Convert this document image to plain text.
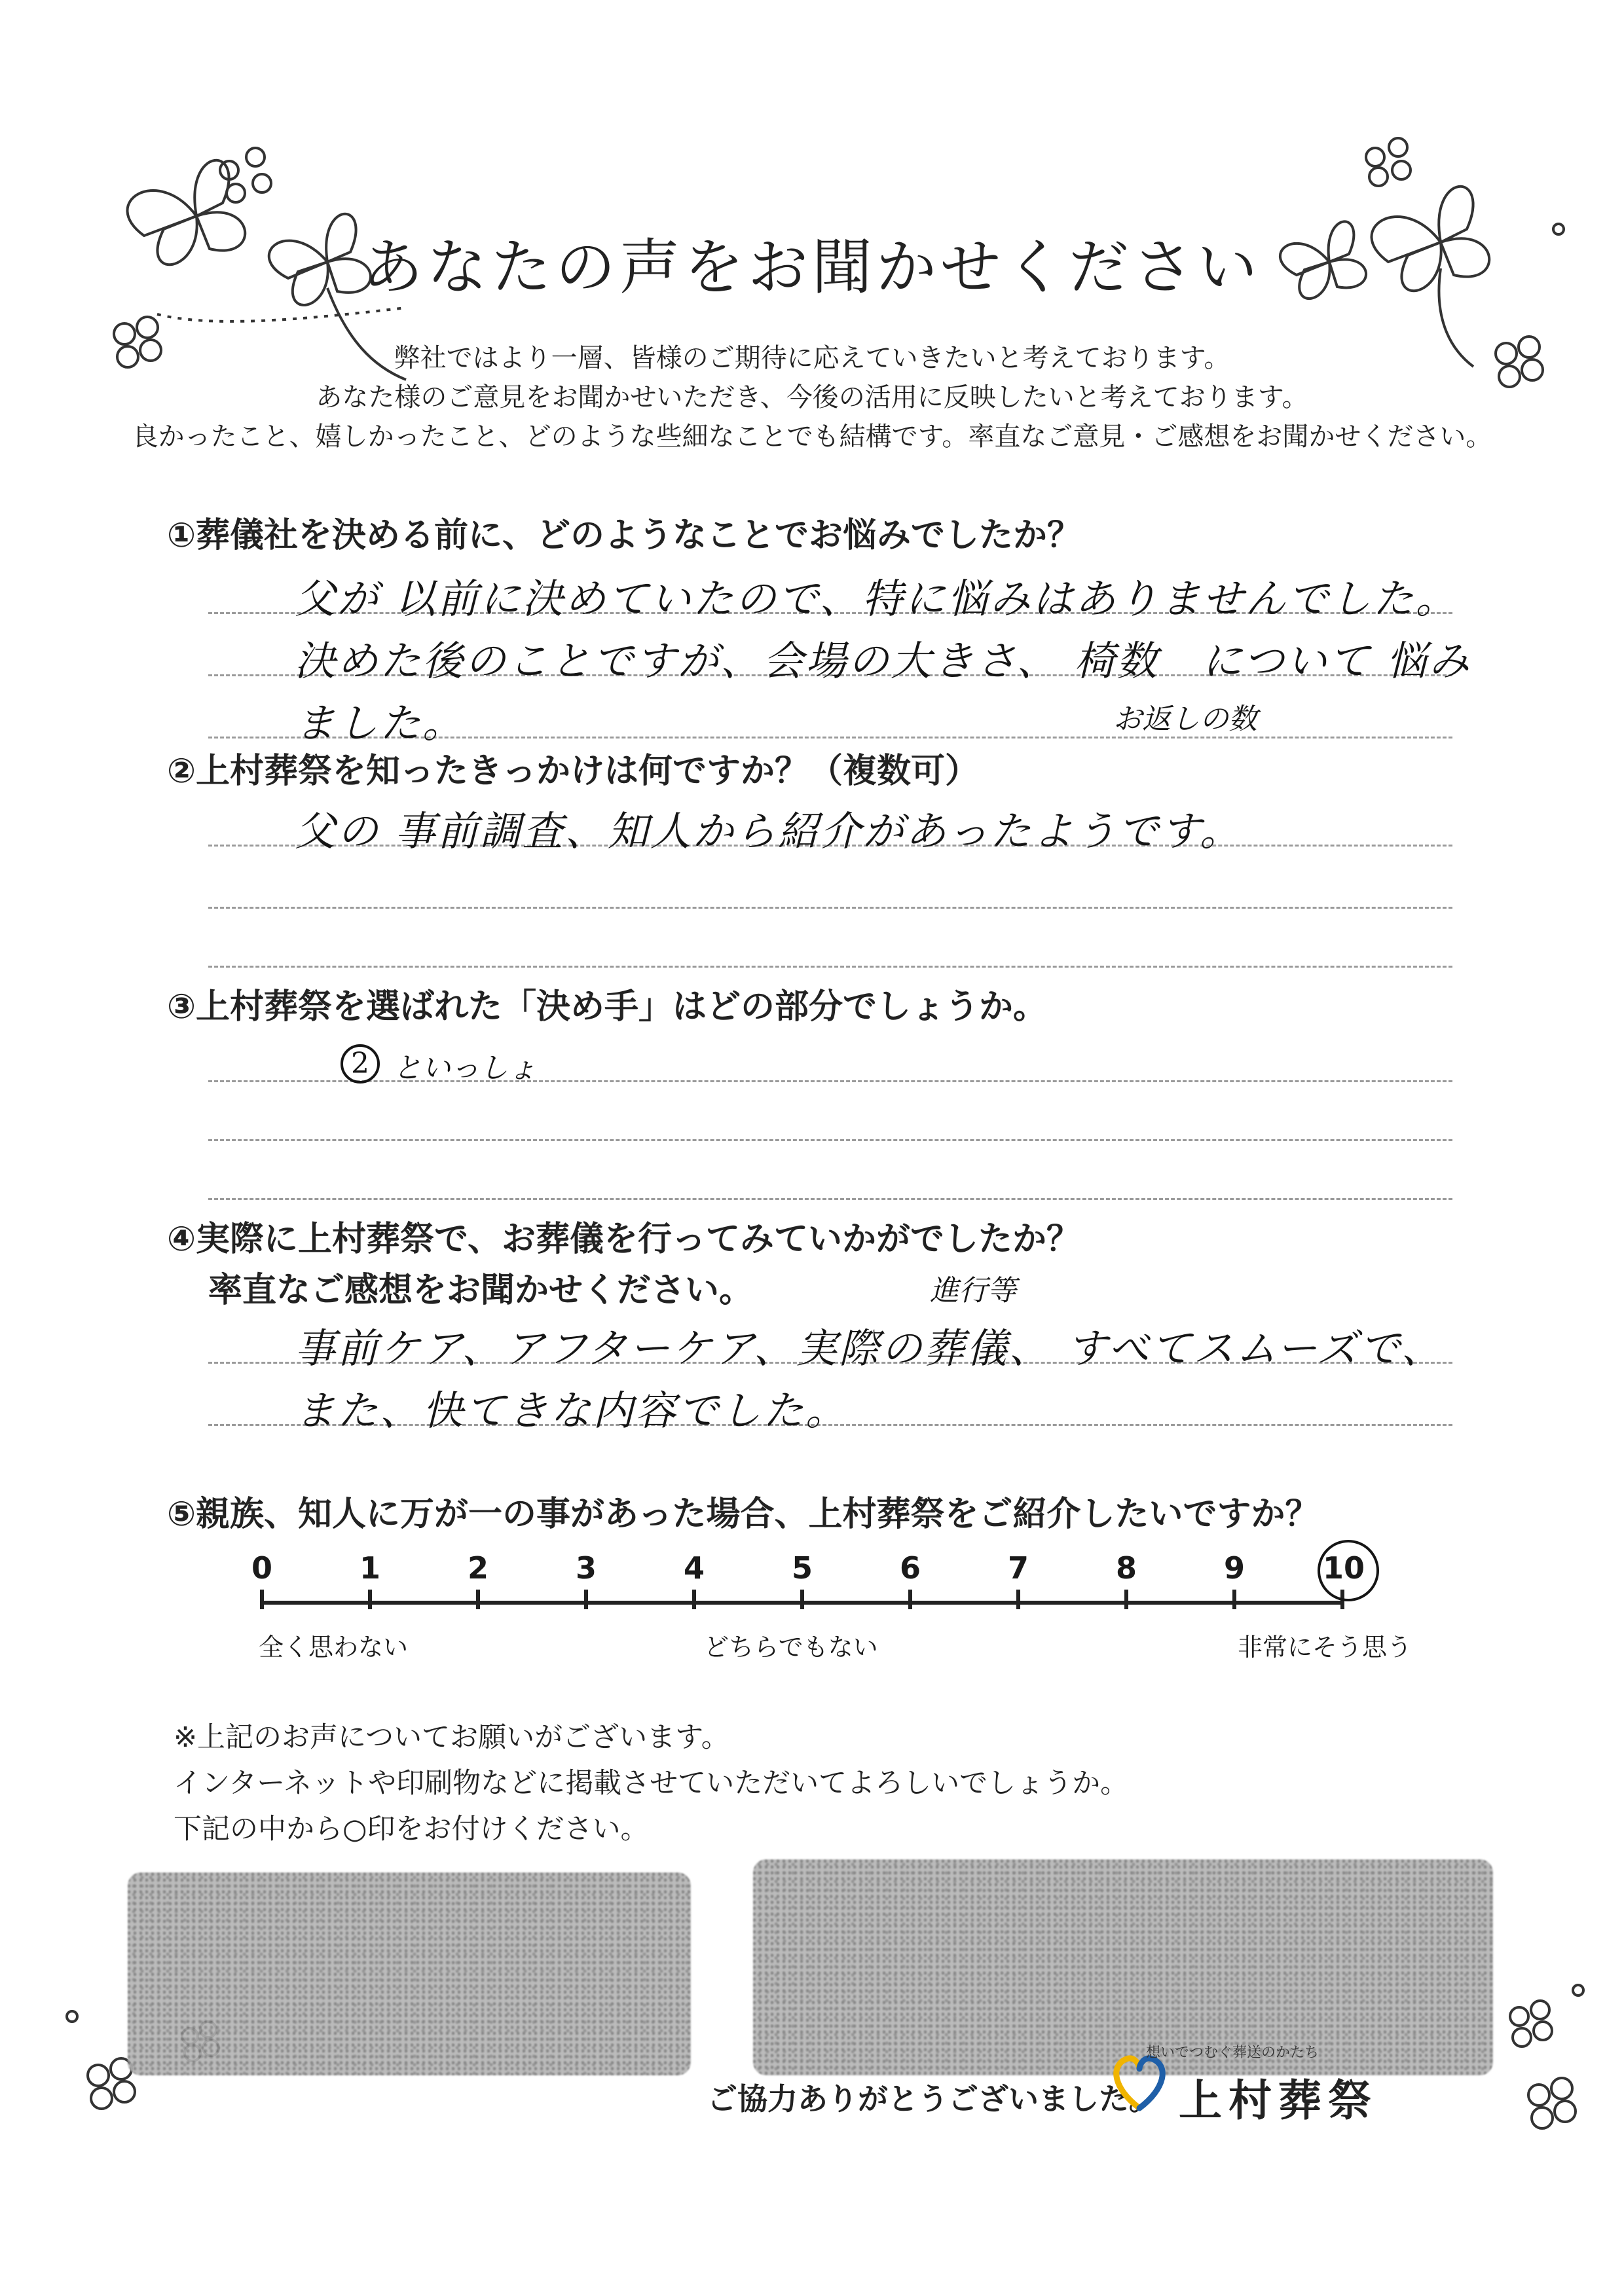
あなたの声をお聞かせください
弊社ではより一層、皆様のご期待に応えていきたいと考えております。
あなた様のご意見をお聞かせいただき、今後の活用に反映したいと考えております。
良かったこと、嬉しかったこと、どのような些細なことでも結構です。率直なご意見・ご感想をお聞かせください。
①葬儀社を決める前に、どのようなことでお悩みでしたか？
父が 以前に決めていたので、特に悩みはありませんでした。
決めた後のことですが、会場の大きさ、 椅数　について 悩み
お返しの数
ました。
②上村葬祭を知ったきっかけは何ですか？（複数可）
父の 事前調査、知人から紹介があったようです。
③上村葬祭を選ばれた「決め手」はどの部分でしょうか。
2 といっしょ
④実際に上村葬祭で、お葬儀を行ってみていかがでしたか？
率直なご感想をお聞かせください。	進行等
事前ケア、アフターケア、実際の葬儀、 すべてスムーズで、
また、快てきな内容でした。
⑤親族、知人に万が一の事があった場合、上村葬祭をご紹介したいですか？
0	1	2	3	4	5	6	7	8	9	10
全く思わない	どちらでもない	非常にそう思う
※上記のお声についてお願いがございます。
インターネットや印刷物などに掲載させていただいてよろしいでしょうか。
下記の中から○印をお付けください。
ご協力ありがとうございました。
想いでつむぐ葬送のかたち
上村葬祭
